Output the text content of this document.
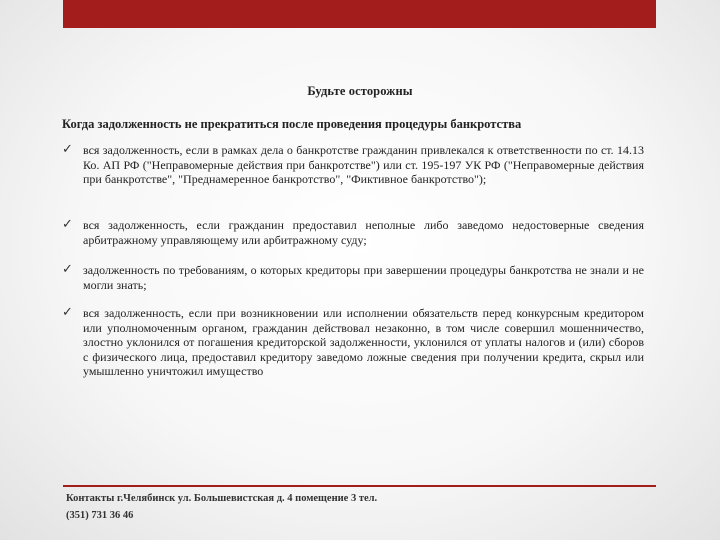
Будьте осторожны
Когда задолженность не прекратиться после проведения процедуры банкротства
✓ вся задолженность, если в рамках дела о банкротстве гражданин привлекался к ответственности по ст. 14.13 Ко. АП РФ ("Неправомерные действия при банкротстве") или ст. 195-197 УК РФ ("Неправомерные действия при банкротстве", "Преднамеренное банкротство", "Фиктивное банкротство");
✓ вся задолженность, если гражданин предоставил неполные либо заведомо недостоверные сведения арбитражному управляющему или арбитражному суду;
✓ задолженность по требованиям, о которых кредиторы при завершении процедуры банкротства не знали и не могли знать;
✓ вся задолженность, если при возникновении или исполнении обязательств перед конкурсным кредитором или уполномоченным органом, гражданин действовал незаконно, в том числе совершил мошенничество, злостно уклонился от погашения кредиторской задолженности, уклонился от уплаты налогов и (или) сборов с физического лица, предоставил кредитору заведомо ложные сведения при получении кредита, скрыл или умышленно уничтожил имущество
Контакты г.Челябинск ул. Большевистская д. 4 помещение 3 тел.
(351) 731 36 46
